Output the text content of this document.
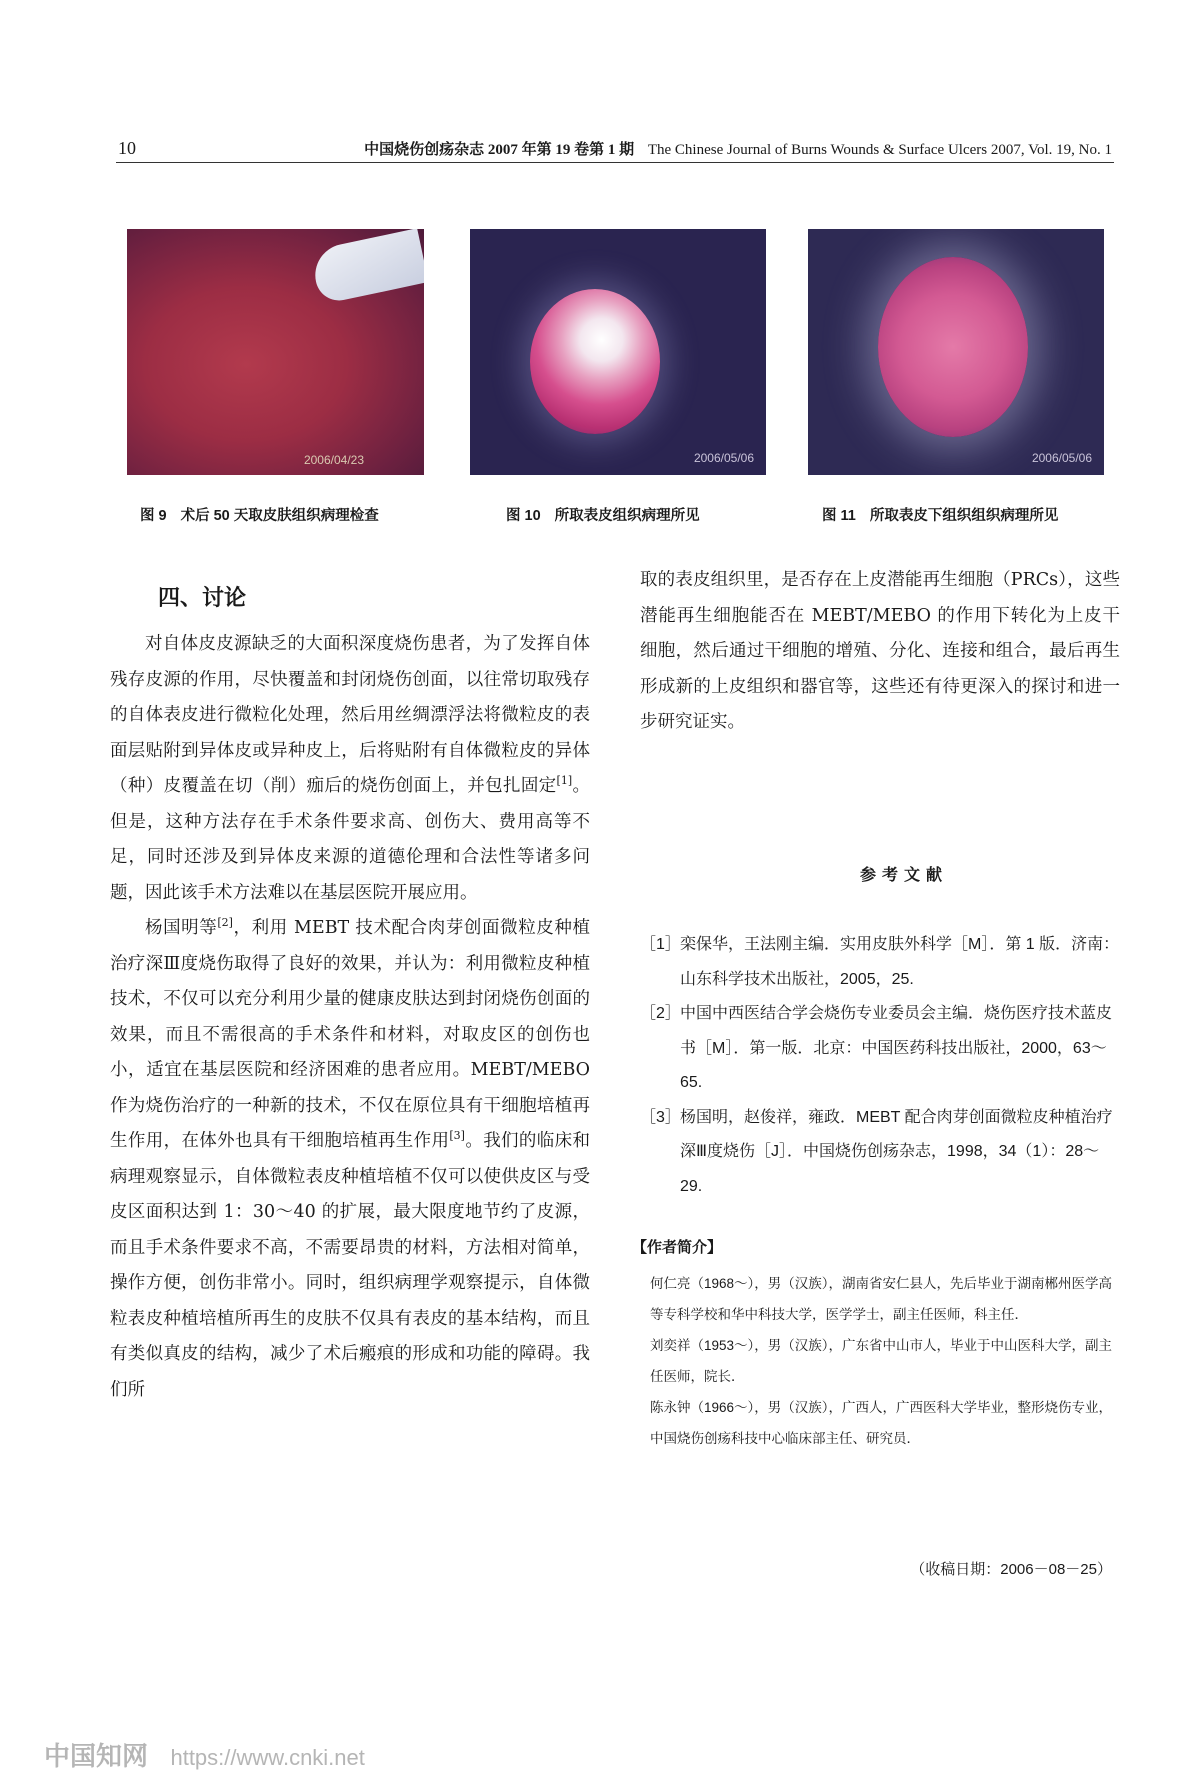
10	中国烧伤创疡杂志 2007 年第 19 卷第 1 期 The Chinese Journal of Burns Wounds & Surface Ulcers 2007, Vol. 19, No. 1
2006/04/23	2006/05/06	2006/05/06
图 9 术后 50 天取皮肤组织病理检查	图 10 所取表皮组织病理所见	图 11 所取表皮下组织组织病理所见
四、讨论

对自体皮皮源缺乏的大面积深度烧伤患者，为了发挥自体残存皮源的作用，尽快覆盖和封闭烧伤创面，以往常切取残存的自体表皮进行微粒化处理，然后用丝绸漂浮法将微粒皮的表面层贴附到异体皮或异种皮上，后将贴附有自体微粒皮的异体（种）皮覆盖在切（削）痂后的烧伤创面上，并包扎固定[1]。但是，这种方法存在手术条件要求高、创伤大、费用高等不足，同时还涉及到异体皮来源的道德伦理和合法性等诸多问题，因此该手术方法难以在基层医院开展应用。

杨国明等[2]，利用 MEBT 技术配合肉芽创面微粒皮种植治疗深Ⅲ度烧伤取得了良好的效果，并认为：利用微粒皮种植技术，不仅可以充分利用少量的健康皮肤达到封闭烧伤创面的效果，而且不需很高的手术条件和材料，对取皮区的创伤也小，适宜在基层医院和经济困难的患者应用。MEBT/MEBO 作为烧伤治疗的一种新的技术，不仅在原位具有干细胞培植再生作用，在体外也具有干细胞培植再生作用[3]。我们的临床和病理观察显示，自体微粒表皮种植培植不仅可以使供皮区与受皮区面积达到 1：30～40 的扩展，最大限度地节约了皮源，而且手术条件要求不高，不需要昂贵的材料，方法相对简单，操作方便，创伤非常小。同时，组织病理学观察提示，自体微粒表皮种植培植所再生的皮肤不仅具有表皮的基本结构，而且有类似真皮的结构，减少了术后瘢痕的形成和功能的障碍。我们所

取的表皮组织里，是否存在上皮潜能再生细胞（PRCs），这些潜能再生细胞能否在 MEBT/MEBO 的作用下转化为上皮干细胞，然后通过干细胞的增殖、分化、连接和组合，最后再生形成新的上皮组织和器官等，这些还有待更深入的探讨和进一步研究证实。

参考文献
［1］ 栾保华，王法刚主编．实用皮肤外科学［M］．第 1 版．济南：山东科学技术出版社，2005，25.
［2］ 中国中西医结合学会烧伤专业委员会主编．烧伤医疗技术蓝皮书［M］．第一版．北京：中国医药科技出版社，2000，63～65.
［3］ 杨国明，赵俊祥，雍政．MEBT 配合肉芽创面微粒皮种植治疗深Ⅲ度烧伤［J］．中国烧伤创疡杂志，1998，34（1）：28～29.
【作者简介】

何仁亮（1968～），男（汉族），湖南省安仁县人，先后毕业于湖南郴州医学高等专科学校和华中科技大学，医学学士，副主任医师，科主任．

刘奕祥（1953～），男（汉族），广东省中山市人，毕业于中山医科大学，副主任医师，院长．

陈永钟（1966～），男（汉族），广西人，广西医科大学毕业，整形烧伤专业，中国烧伤创疡科技中心临床部主任、研究员．

（收稿日期：2006－08－25）
中国知网 https://www.cnki.net
